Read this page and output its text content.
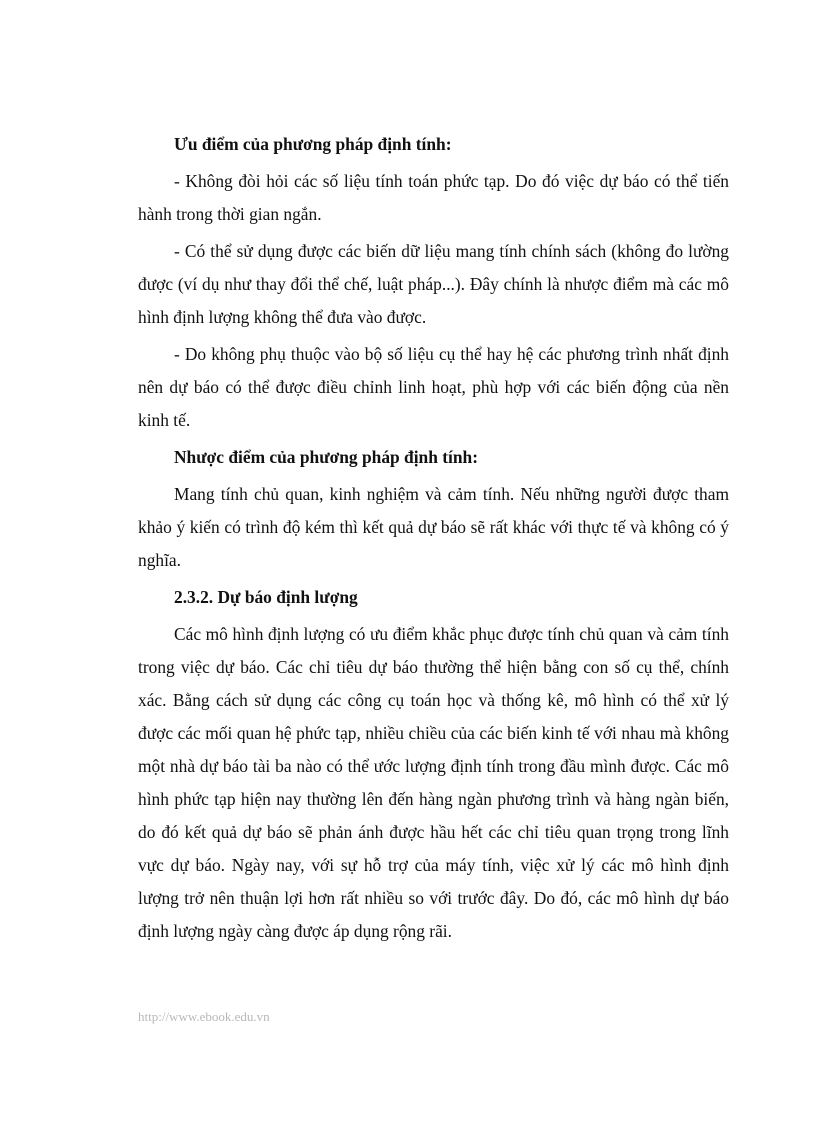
Ưu điểm của phương pháp định tính:

- Không đòi hỏi các số liệu tính toán phức tạp. Do đó việc dự báo có thể tiến hành trong thời gian ngắn.

- Có thể sử dụng được các biến dữ liệu mang tính chính sách (không đo lường được (ví dụ như thay đổi thể chế, luật pháp...). Đây chính là nhược điểm mà các mô hình định lượng không thể đưa vào được.

- Do không phụ thuộc vào bộ số liệu cụ thể hay hệ các phương trình nhất định nên dự báo có thể được điều chỉnh linh hoạt, phù hợp với các biến động của nền kinh tế.

Nhược điểm của phương pháp định tính:

Mang tính chủ quan, kinh nghiệm và cảm tính. Nếu những người được tham khảo ý kiến có trình độ kém thì kết quả dự báo sẽ rất khác với thực tế và không có ý nghĩa.

2.3.2. Dự báo định lượng

Các mô hình định lượng có ưu điểm khắc phục được tính chủ quan và cảm tính trong việc dự báo. Các chỉ tiêu dự báo thường thể hiện bằng con số cụ thể, chính xác. Bằng cách sử dụng các công cụ toán học và thống kê, mô hình có thể xử lý được các mối quan hệ phức tạp, nhiều chiều của các biến kinh tế với nhau mà không một nhà dự báo tài ba nào có thể ước lượng định tính trong đầu mình được. Các mô hình phức tạp hiện nay thường lên đến hàng ngàn phương trình và hàng ngàn biến, do đó kết quả dự báo sẽ phản ánh được hầu hết các chỉ tiêu quan trọng trong lĩnh vực dự báo. Ngày nay, với sự hỗ trợ của máy tính, việc xử lý các mô hình định lượng trở nên thuận lợi hơn rất nhiều so với trước đây. Do đó, các mô hình dự báo định lượng ngày càng được áp dụng rộng rãi.

http://www.ebook.edu.vn
